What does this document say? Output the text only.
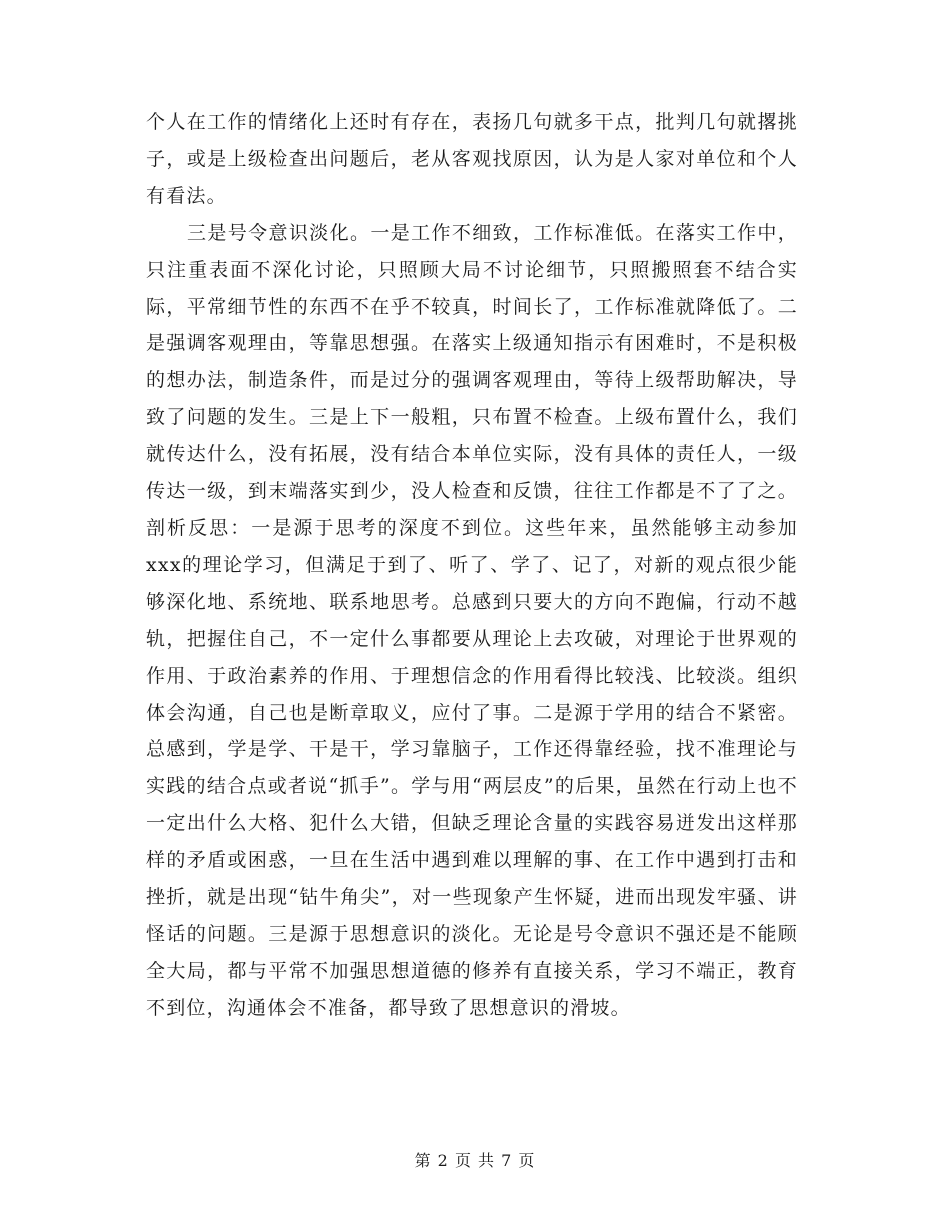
个人在工作的情绪化上还时有存在，表扬几句就多干点，批判几句就撂挑子，或是上级检查出问题后，老从客观找原因，认为是人家对单位和个人有看法。

三是号令意识淡化。一是工作不细致，工作标准低。在落实工作中，只注重表面不深化讨论，只照顾大局不讨论细节，只照搬照套不结合实际，平常细节性的东西不在乎不较真，时间长了，工作标准就降低了。二是强调客观理由，等靠思想强。在落实上级通知指示有困难时，不是积极的想办法，制造条件，而是过分的强调客观理由，等待上级帮助解决，导致了问题的发生。三是上下一般粗，只布置不检查。上级布置什么，我们就传达什么，没有拓展，没有结合本单位实际，没有具体的责任人，一级传达一级，到末端落实到少，没人检查和反馈，往往工作都是不了了之。剖析反思：一是源于思考的深度不到位。这些年来，虽然能够主动参加xxx的理论学习，但满足于到了、听了、学了、记了，对新的观点很少能够深化地、系统地、联系地思考。总感到只要大的方向不跑偏，行动不越轨，把握住自己，不一定什么事都要从理论上去攻破，对理论于世界观的作用、于政治素养的作用、于理想信念的作用看得比较浅、比较淡。组织体会沟通，自己也是断章取义，应付了事。二是源于学用的结合不紧密。总感到，学是学、干是干，学习靠脑子，工作还得靠经验，找不准理论与实践的结合点或者说“抓手”。学与用“两层皮”的后果，虽然在行动上也不一定出什么大格、犯什么大错，但缺乏理论含量的实践容易迸发出这样那样的矛盾或困惑，一旦在生活中遇到难以理解的事、在工作中遇到打击和挫折，就是出现“钻牛角尖”，对一些现象产生怀疑，进而出现发牢骚、讲怪话的问题。三是源于思想意识的淡化。无论是号令意识不强还是不能顾全大局，都与平常不加强思想道德的修养有直接关系，学习不端正，教育不到位，沟通体会不准备，都导致了思想意识的滑坡。

第 2 页 共 7 页
